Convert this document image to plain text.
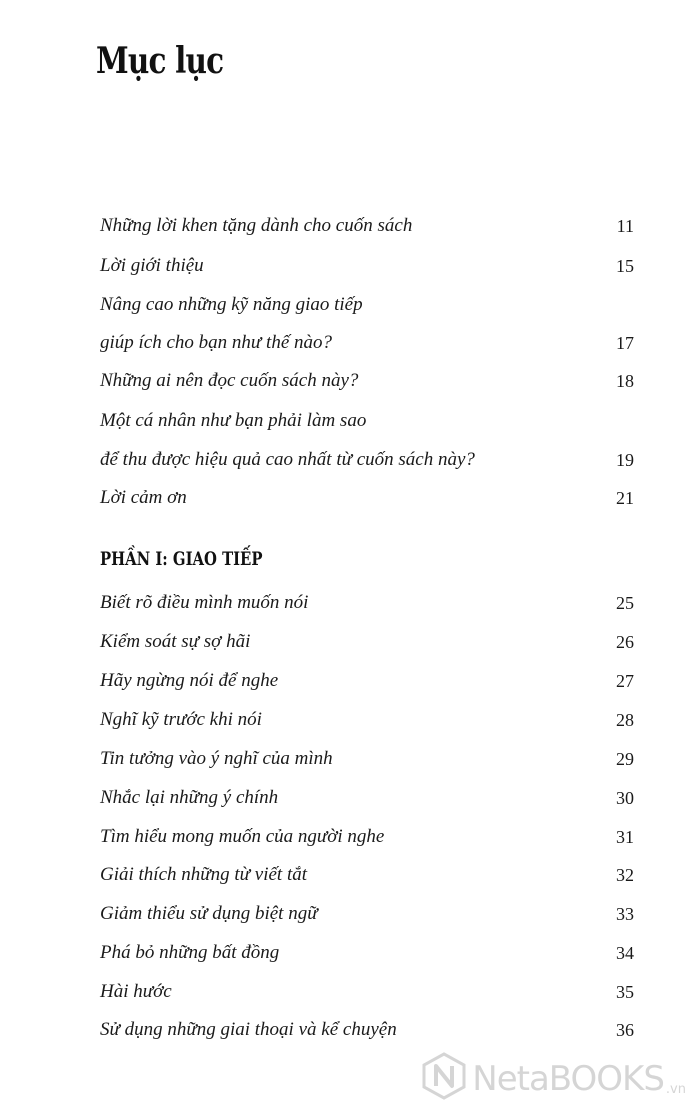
Mục lục
Những lời khen tặng dành cho cuốn sách	11
Lời giới thiệu	15
Nâng cao những kỹ năng giao tiếp
giúp ích cho bạn như thế nào?	17
Những ai nên đọc cuốn sách này?	18
Một cá nhân như bạn phải làm sao
để thu được hiệu quả cao nhất từ cuốn sách này?	19
Lời cảm ơn	21
Biết rõ điều mình muốn nói	25
Kiểm soát sự sợ hãi	26
Hãy ngừng nói để nghe	27
Nghĩ kỹ trước khi nói	28
Tin tưởng vào ý nghĩ của mình	29
Nhắc lại những ý chính	30
Tìm hiểu mong muốn của người nghe	31
Giải thích những từ viết tắt	32
Giảm thiểu sử dụng biệt ngữ	33
Phá bỏ những bất đồng	34
Hài hước	35
Sử dụng những giai thoại và kể chuyện	36
PHẦN I: GIAO TIẾP
NetaBOOKS .vn
